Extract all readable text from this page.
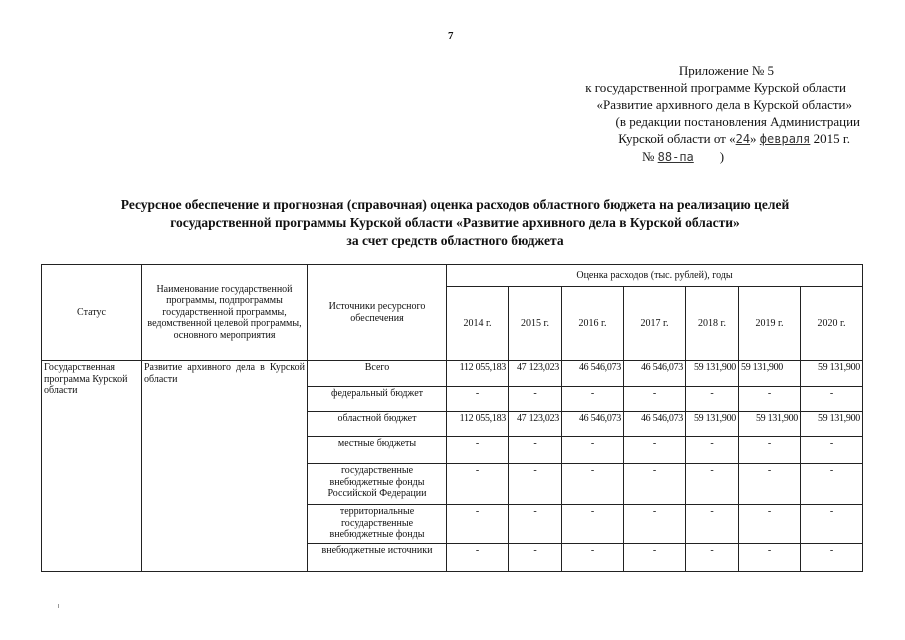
7
Приложение № 5
к государственной программе Курской области
«Развитие архивного дела в Курской области»
(в редакции постановления Администрации
Курской области от «24» февраля 2015 г.
№ 88-па        )
Ресурсное обеспечение и прогнозная (справочная) оценка расходов областного бюджета на реализацию целей
государственной программы Курской области «Развитие архивного дела в Курской области»
за счет средств областного бюджета
Статус	Наименование государственной программы, подпрограммы государственной программы, ведомственной целевой программы, основного мероприятия	Источники ресурсного обеспечения	Оценка расходов (тыс. рублей), годы						
			2014 г.	2015 г.	2016 г.	2017 г.	2018 г.	2019 г.	2020 г.
Государственная программа Курской области	Развитие архивного дела в Курской области	Всего	112 055,183	47 123,023	46 546,073	46 546,073	59 131,900	59 131,900	59 131,900
		федеральный бюджет	-	-	-	-	-	-	-
		областной бюджет	112 055,183	47 123,023	46 546,073	46 546,073	59 131,900	59 131,900	59 131,900
		местные бюджеты	-	-	-	-	-	-	-
		государственные внебюджетные фонды Российской Федерации	-	-	-	-	-	-	-
		территориальные государственные внебюджетные фонды	-	-	-	-	-	-	-
		внебюджетные источники	-	-	-	-	-	-	-
